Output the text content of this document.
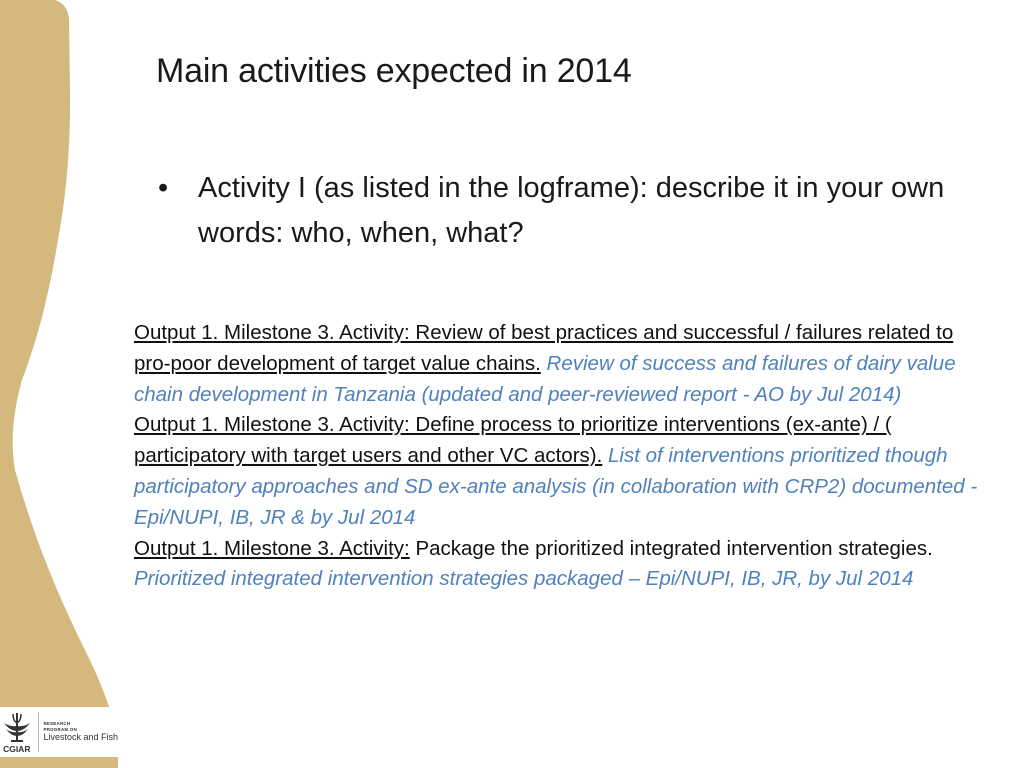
Main activities expected in 2014
•	Activity I (as listed in the logframe): describe it in your own words: who, when, what?

Output 1. Milestone 3. Activity: Review of best practices and successful / failures related to pro-poor development of target value chains. Review of success and failures of dairy value chain development in Tanzania (updated and peer-reviewed report - AO by Jul 2014)

Output 1. Milestone 3. Activity: Define process to prioritize interventions (ex-ante) / ( participatory with target users and other VC actors). List of interventions prioritized though participatory approaches and SD ex-ante analysis (in collaboration with CRP2) documented - Epi/NUPI, IB, JR & by Jul 2014

Output 1. Milestone 3. Activity: Package the prioritized integrated intervention strategies. Prioritized integrated intervention strategies packaged – Epi/NUPI, IB, JR, by Jul 2014

CGIAR
RESEARCH
PROGRAM ON
Livestock and Fish
